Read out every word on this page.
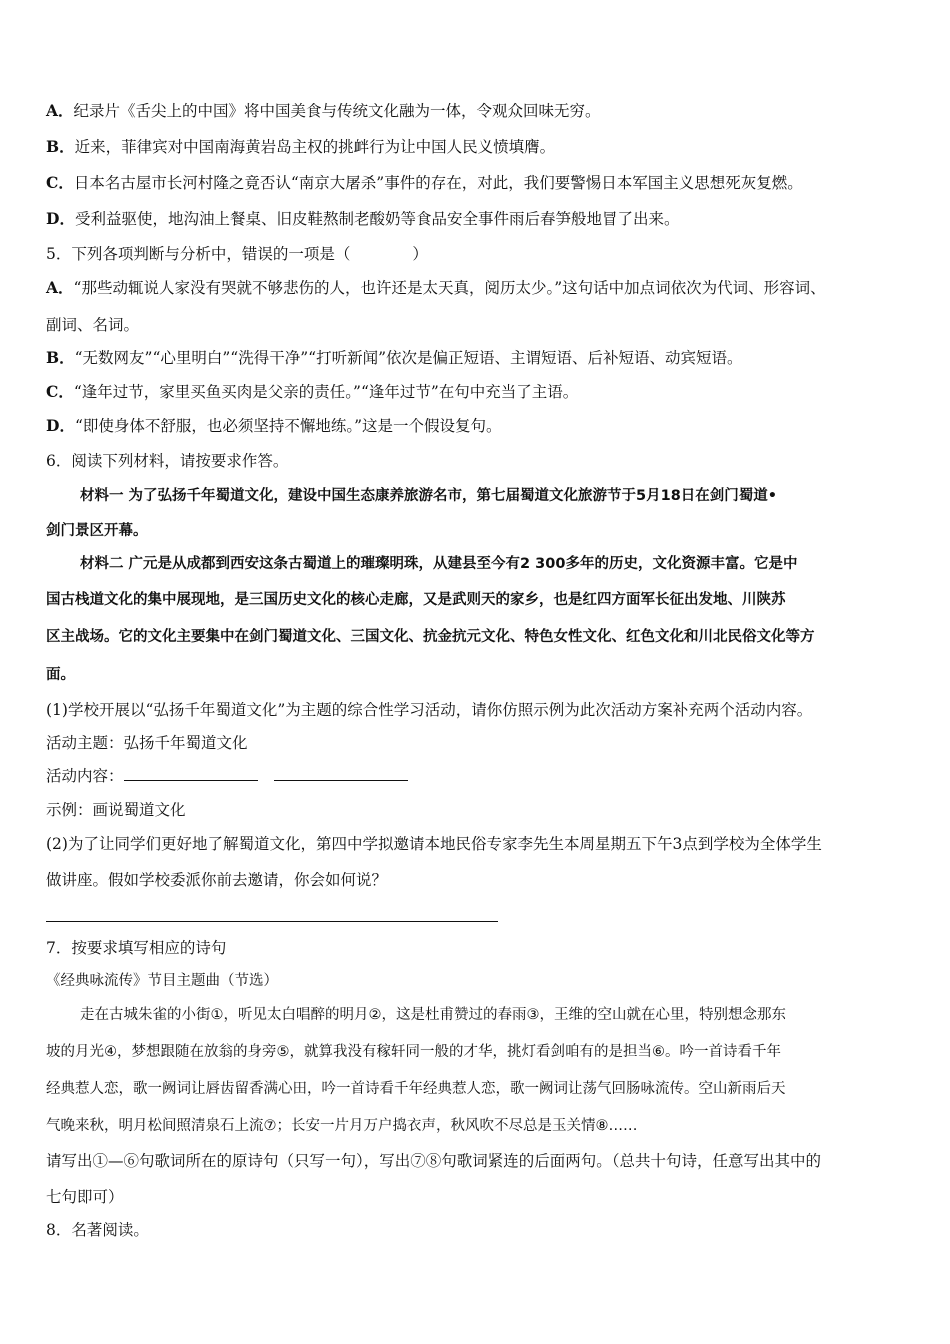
A．纪录片《舌尖上的中国》将中国美食与传统文化融为一体，令观众回味无穷。
B．近来，菲律宾对中国南海黄岩岛主权的挑衅行为让中国人民义愤填膺。
C．日本名古屋市长河村隆之竟否认“南京大屠杀”事件的存在，对此，我们要警惕日本军国主义思想死灰复燃。
D．受利益驱使，地沟油上餐桌、旧皮鞋熬制老酸奶等食品安全事件雨后春笋般地冒了出来。
5．下列各项判断与分析中，错误的一项是（　　　　）
A．“那些动辄说人家没有哭就不够悲伤的人，也许还是太天真，阅历太少。”这句话中加点词依次为代词、形容词、
副词、名词。
B．“无数网友”“心里明白”“洗得干净”“打听新闻”依次是偏正短语、主谓短语、后补短语、动宾短语。
C．“逢年过节，家里买鱼买肉是父亲的责任。”“逢年过节”在句中充当了主语。
D．“即使身体不舒服，也必须坚持不懈地练。”这是一个假设复句。
6．阅读下列材料，请按要求作答。
材料一 为了弘扬千年蜀道文化，建设中国生态康养旅游名市，第七届蜀道文化旅游节于5月18日在剑门蜀道•
剑门景区开幕。
材料二 广元是从成都到西安这条古蜀道上的璀璨明珠，从建县至今有2 300多年的历史，文化资源丰富。它是中
国古栈道文化的集中展现地，是三国历史文化的核心走廊，又是武则天的家乡，也是红四方面军长征出发地、川陕苏
区主战场。它的文化主要集中在剑门蜀道文化、三国文化、抗金抗元文化、特色女性文化、红色文化和川北民俗文化等方
面。
(1)学校开展以“弘扬千年蜀道文化”为主题的综合性学习活动，请你仿照示例为此次活动方案补充两个活动内容。
活动主题：弘扬千年蜀道文化
活动内容：
示例：画说蜀道文化
(2)为了让同学们更好地了解蜀道文化，第四中学拟邀请本地民俗专家李先生本周星期五下午3点到学校为全体学生
做讲座。假如学校委派你前去邀请，你会如何说？
7．按要求填写相应的诗句
《经典咏流传》节目主题曲（节选）
走在古城朱雀的小街①，听见太白唱醉的明月②，这是杜甫赞过的春雨③，王维的空山就在心里，特别想念那东
坡的月光④，梦想跟随在放翁的身旁⑤，就算我没有稼轩同一般的才华，挑灯看剑咱有的是担当⑥。吟一首诗看千年
经典惹人恋，歌一阙词让唇齿留香满心田，吟一首诗看千年经典惹人恋，歌一阙词让荡气回肠咏流传。空山新雨后天
气晚来秋，明月松间照清泉石上流⑦；长安一片月万户捣衣声，秋风吹不尽总是玉关情⑧……
请写出①—⑥句歌词所在的原诗句（只写一句），写出⑦⑧句歌词紧连的后面两句。（总共十句诗，任意写出其中的
七句即可）
8．名著阅读。
